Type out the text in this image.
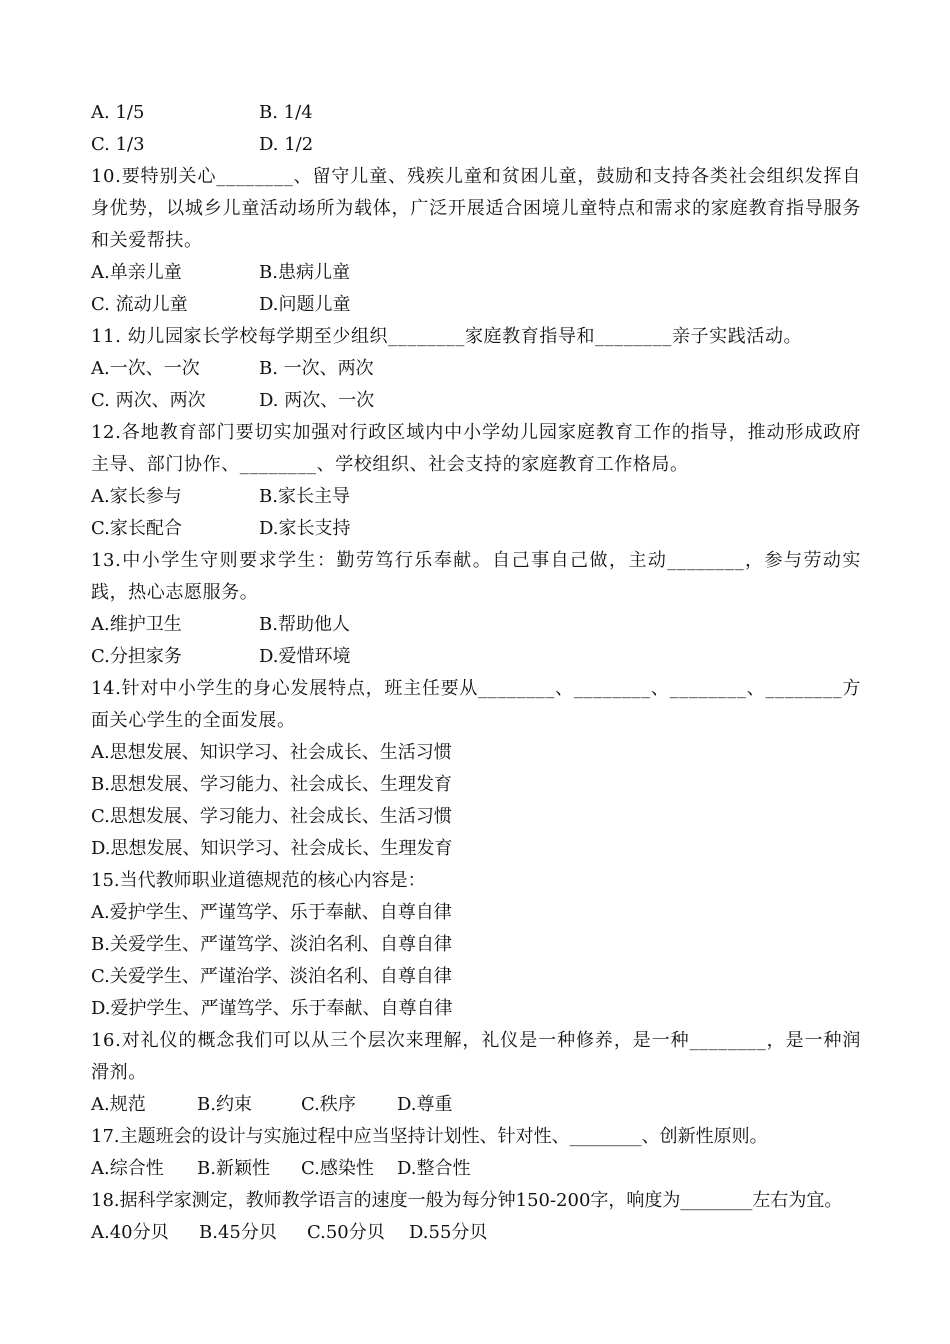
A. 1/5	B. 1/4
C. 1/3	D. 1/2
10.要特别关心________、留守儿童、残疾儿童和贫困儿童，鼓励和支持各类社会组织发挥自身优势，以城乡儿童活动场所为载体，广泛开展适合困境儿童特点和需求的家庭教育指导服务和关爱帮扶。
A.单亲儿童	B.患病儿童
C. 流动儿童	D.问题儿童
11. 幼儿园家长学校每学期至少组织________家庭教育指导和________亲子实践活动。
A.一次、一次	B. 一次、两次
C. 两次、两次	D. 两次、一次
12.各地教育部门要切实加强对行政区域内中小学幼儿园家庭教育工作的指导，推动形成政府主导、部门协作、________、学校组织、社会支持的家庭教育工作格局。
A.家长参与	B.家长主导
C.家长配合	D.家长支持
13.中小学生守则要求学生：勤劳笃行乐奉献。自己事自己做，主动________，参与劳动实践，热心志愿服务。
A.维护卫生	B.帮助他人
C.分担家务	D.爱惜环境
14.针对中小学生的身心发展特点，班主任要从________、________、________、________方面关心学生的全面发展。
A.思想发展、知识学习、社会成长、生活习惯
B.思想发展、学习能力、社会成长、生理发育
C.思想发展、学习能力、社会成长、生活习惯
D.思想发展、知识学习、社会成长、生理发育
15.当代教师职业道德规范的核心内容是：
A.爱护学生、严谨笃学、乐于奉献、自尊自律
B.关爱学生、严谨笃学、淡泊名利、自尊自律
C.关爱学生、严谨治学、淡泊名利、自尊自律
D.爱护学生、严谨笃学、乐于奉献、自尊自律
16.对礼仪的概念我们可以从三个层次来理解，礼仪是一种修养，是一种________，是一种润滑剂。
A.规范	B.约束	C.秩序	D.尊重
17.主题班会的设计与实施过程中应当坚持计划性、针对性、________、创新性原则。
A.综合性	B.新颖性	C.感染性	D.整合性
18.据科学家测定，教师教学语言的速度一般为每分钟150-200字，响度为________左右为宜。
A.40分贝	B.45分贝	C.50分贝	D.55分贝
